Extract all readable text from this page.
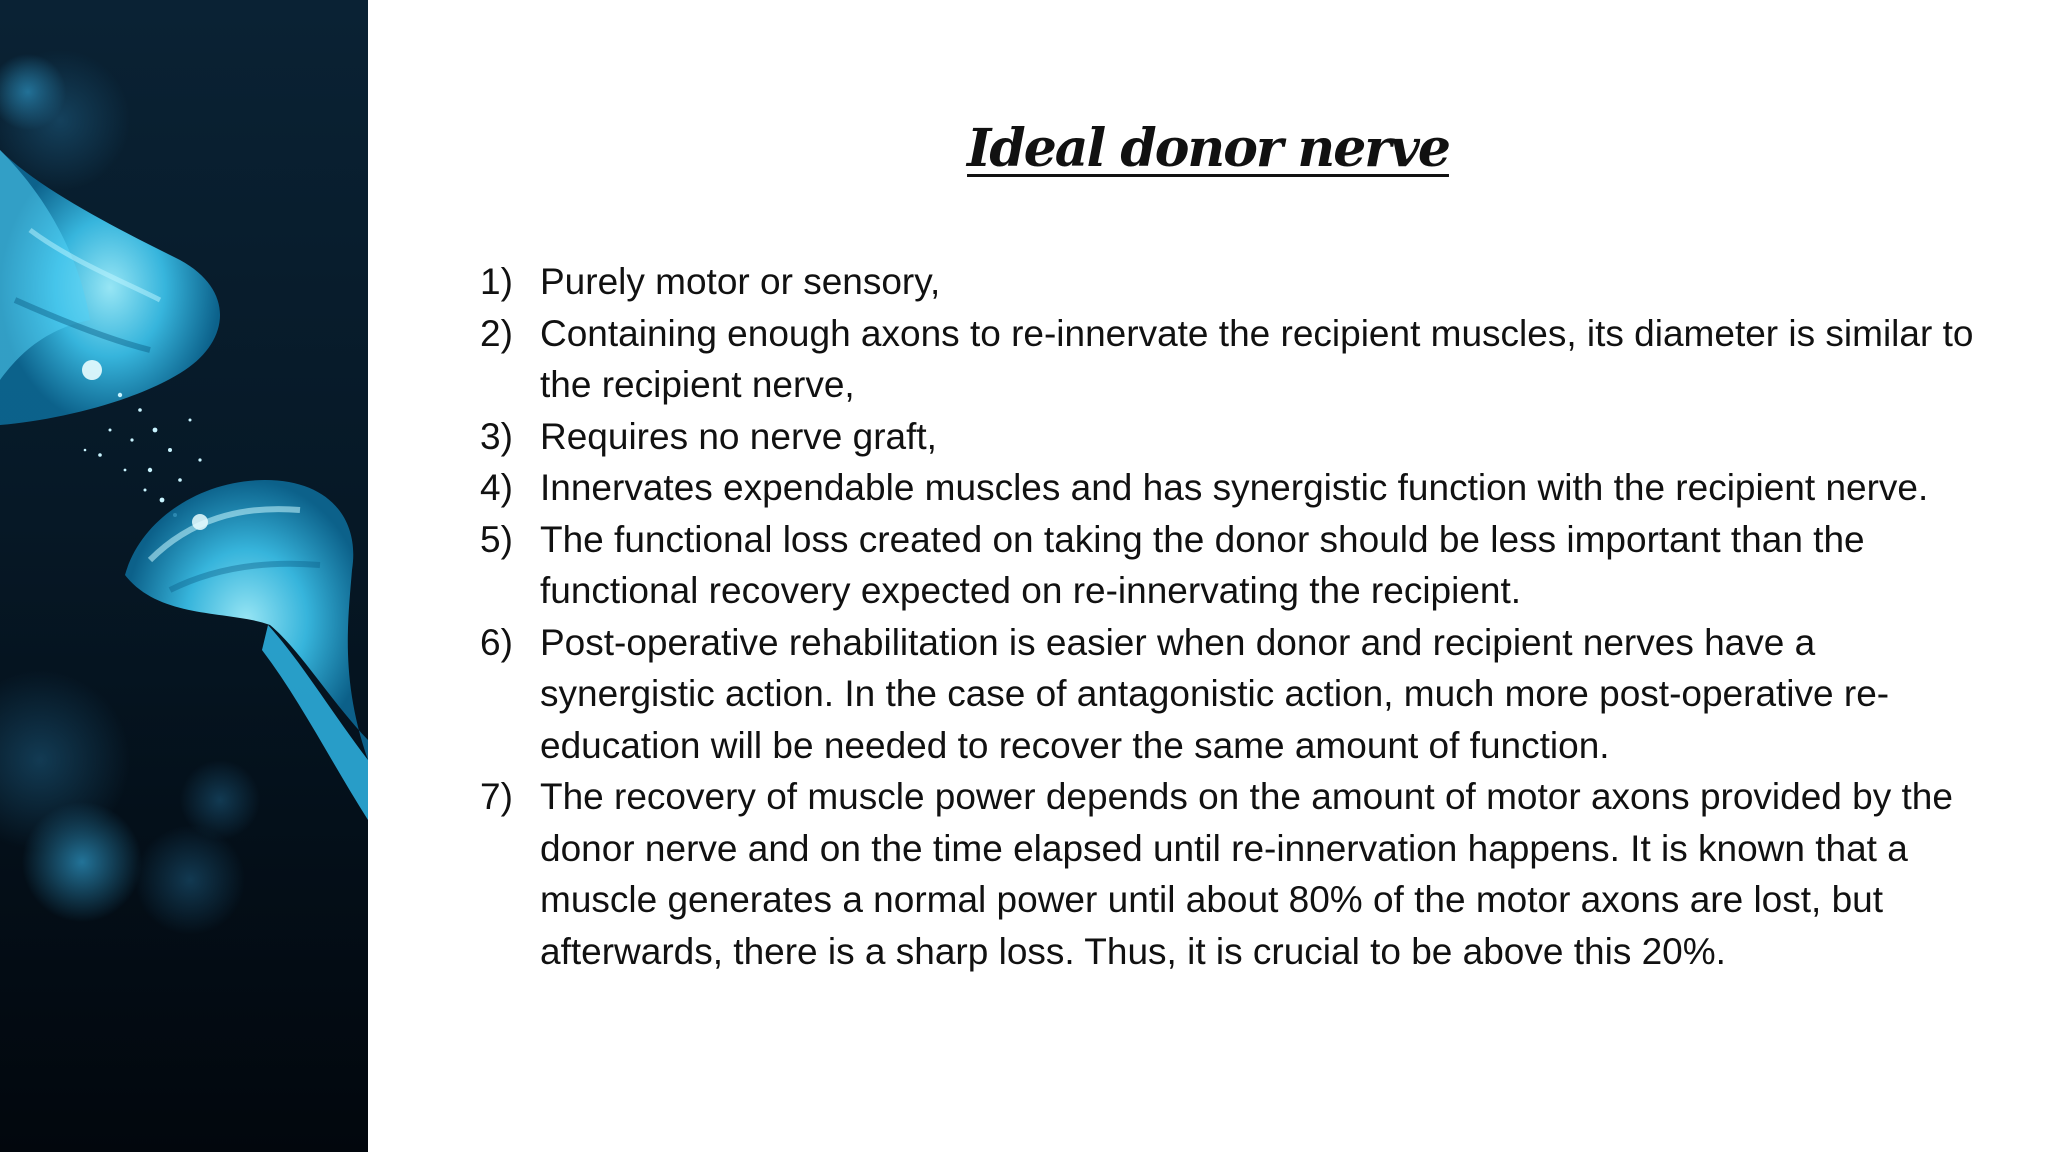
Ideal donor nerve
1) Purely motor or sensory,
2) Containing enough axons to re-innervate the recipient muscles, its diameter is similar to the recipient nerve,
3) Requires no nerve graft,
4) Innervates expendable muscles and has synergistic function with the recipient nerve.
5) The functional loss created on taking the donor should be less important than the functional recovery expected on re-innervating the recipient.
6) Post-operative rehabilitation is easier when donor and recipient nerves have a synergistic action. In the case of antagonistic action, much more post-operative re-education will be needed to recover the same amount of function.
7) The recovery of muscle power depends on the amount of motor axons provided by the donor nerve and on the time elapsed until re-innervation happens. It is known that a muscle generates a normal power until about 80% of the motor axons are lost, but afterwards, there is a sharp loss. Thus, it is crucial to be above this 20%.
